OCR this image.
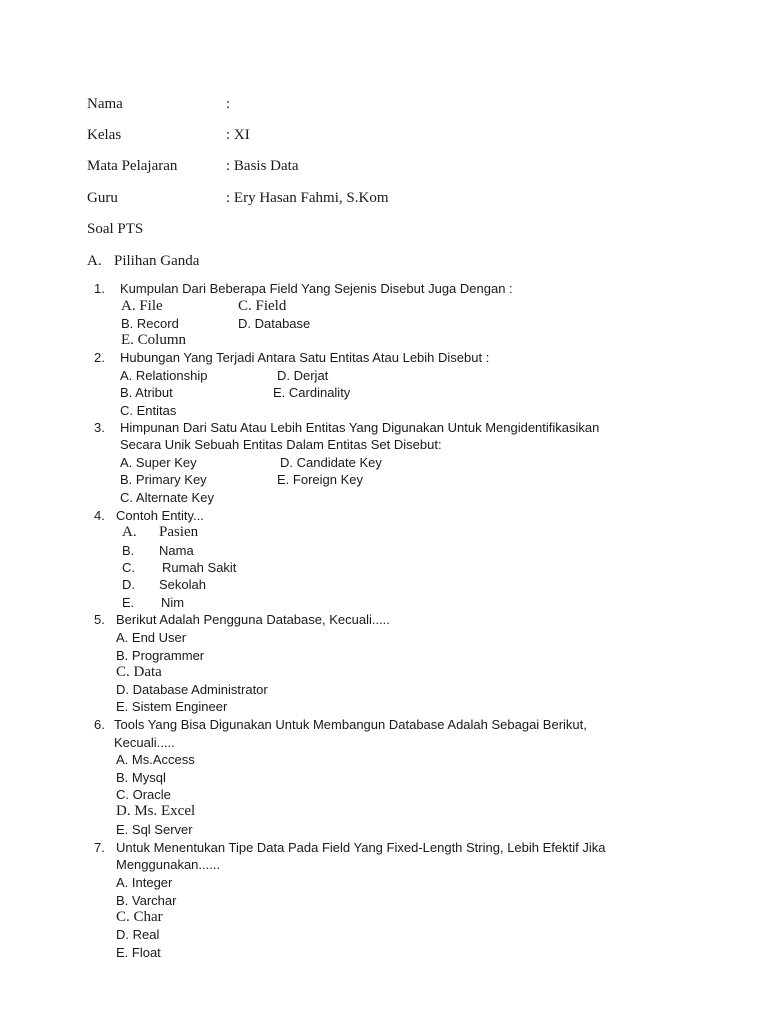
Nama	:
Kelas	: XI
Mata Pelajaran	: Basis Data
Guru	: Ery Hasan Fahmi, S.Kom
Soal PTS
A. Pilihan Ganda
1. Kumpulan Dari Beberapa Field Yang Sejenis Disebut Juga Dengan :
A. File	C. Field
B. Record	D. Database
E. Column
2. Hubungan Yang Terjadi Antara Satu Entitas Atau Lebih Disebut :
A. Relationship	D. Derjat
B. Atribut	E. Cardinality
C. Entitas
3. Himpunan Dari Satu Atau Lebih Entitas Yang Digunakan Untuk Mengidentifikasikan
Secara Unik Sebuah Entitas Dalam Entitas Set Disebut:
A. Super Key	D. Candidate Key
B. Primary Key	E. Foreign Key
C. Alternate Key
4. Contoh Entity...
A. Pasien
B. Nama
C. Rumah Sakit
D. Sekolah
E. Nim
5. Berikut Adalah Pengguna Database, Kecuali.....
A. End User
B. Programmer
C. Data
D. Database Administrator
E. Sistem Engineer
6. Tools Yang Bisa Digunakan Untuk Membangun Database Adalah Sebagai Berikut,
Kecuali.....
A. Ms.Access
B. Mysql
C. Oracle
D. Ms. Excel
E. Sql Server
7. Untuk Menentukan Tipe Data Pada Field Yang Fixed-Length String, Lebih Efektif Jika
Menggunakan......
A. Integer
B. Varchar
C. Char
D. Real
E. Float
